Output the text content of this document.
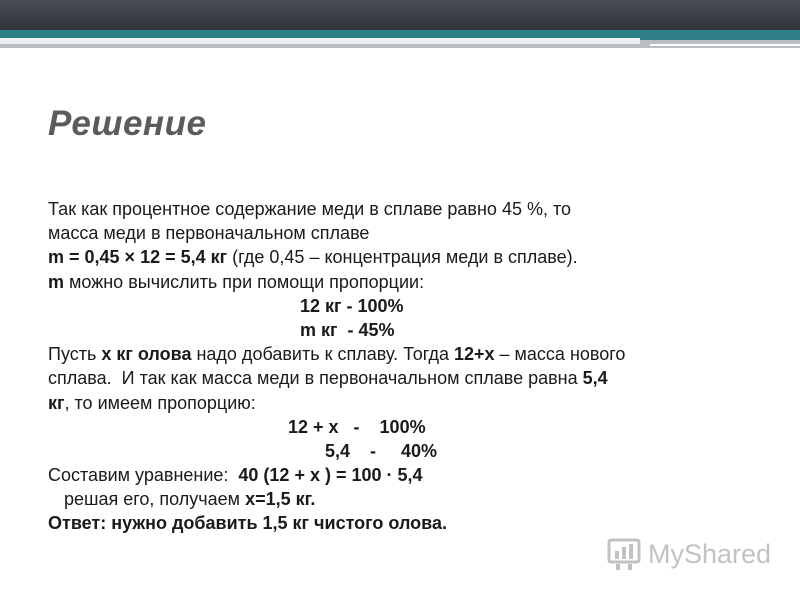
Решение
Так как процентное содержание меди в сплаве равно 45 %, то
масса меди в первоначальном сплаве
m = 0,45 × 12 = 5,4 кг (где 0,45 – концентрация меди в сплаве).
m можно вычислить при помощи пропорции:
12 кг - 100%
m кг  - 45%
Пусть х кг олова надо добавить к сплаву. Тогда 12+х – масса нового
сплава.  И так как масса меди в первоначальном сплаве равна 5,4
кг, то имеем пропорцию:
12 + х   -    100%
5,4    -     40%
Составим уравнение:  40 (12 + х ) = 100 · 5,4
решая его, получаем х=1,5 кг.
Ответ: нужно добавить 1,5 кг чистого олова.
MyShared
